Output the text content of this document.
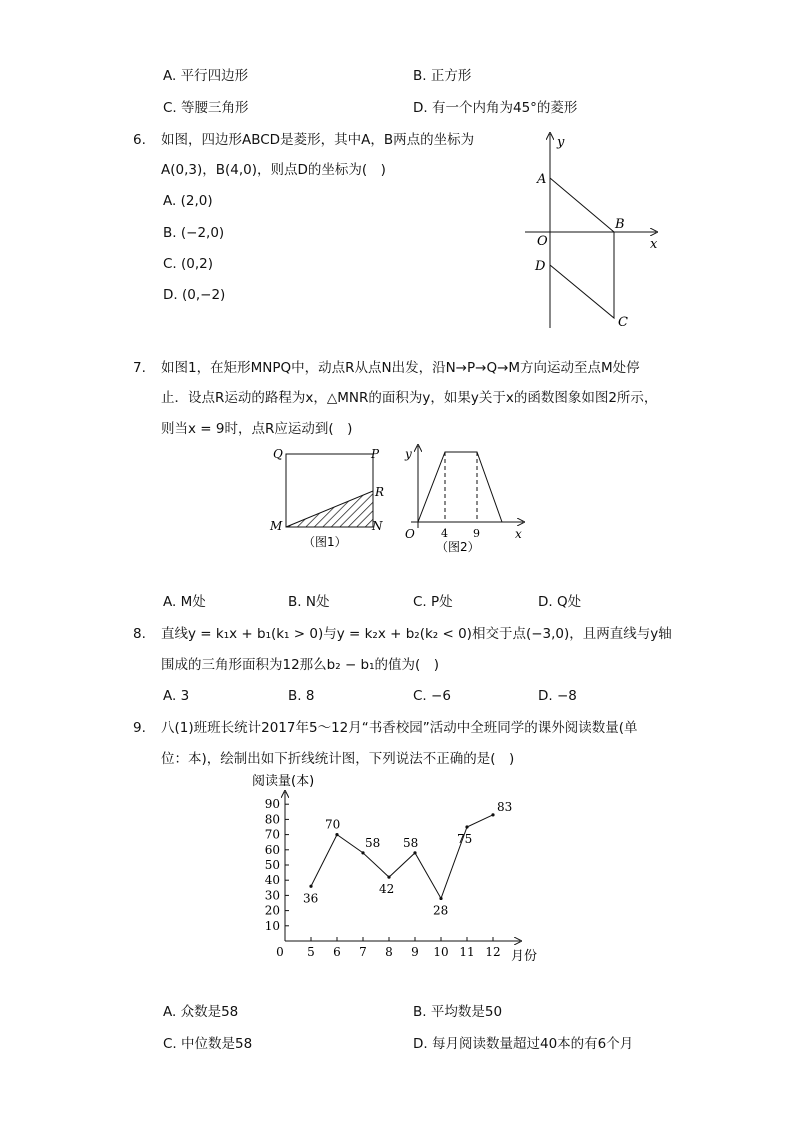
A. 平行四边形	B. 正方形
C. 等腰三角形	D. 有一个内角为45°的菱形
6. 如图，四边形ABCD是菱形，其中A，B两点的坐标为
A(0,3)，B(4,0)，则点D的坐标为(　)
A. (2,0)
B. (−2,0)
C. (0,2)
D. (0,−2)
y
x
O
A
B
C
D
7. 如图1，在矩形MNPQ中，动点R从点N出发，沿N→P→Q→M方向运动至点M处停
止．设点R运动的路程为x，△MNR的面积为y，如果y关于x的函数图象如图2所示，
则当x = 9时，点R应运动到(　)
Q	P
R
M	N
（图1）
y
O	x
4 9
（图2）
A. M处	B. N处	C. P处	D. Q处
8. 直线y = k₁x + b₁(k₁ > 0)与y = k₂x + b₂(k₂ < 0)相交于点(−3,0)，且两直线与y轴
围成的三角形面积为12那么b₂ − b₁的值为(　)
A. 3	B. 8	C. −6	D. −8
9. 八(1)班班长统计2017年5～12月“书香校园”活动中全班同学的课外阅读数量(单
位：本)，绘制出如下折线统计图，下列说法不正确的是(　)
阅读量(本)
月份
10
20
30
40
50
60
70
80
90
0 5 6 7 8 9 10 11 12
36
70
58
42
58
28
75
83
A. 众数是58	B. 平均数是50
C. 中位数是58	D. 每月阅读数量超过40本的有6个月
